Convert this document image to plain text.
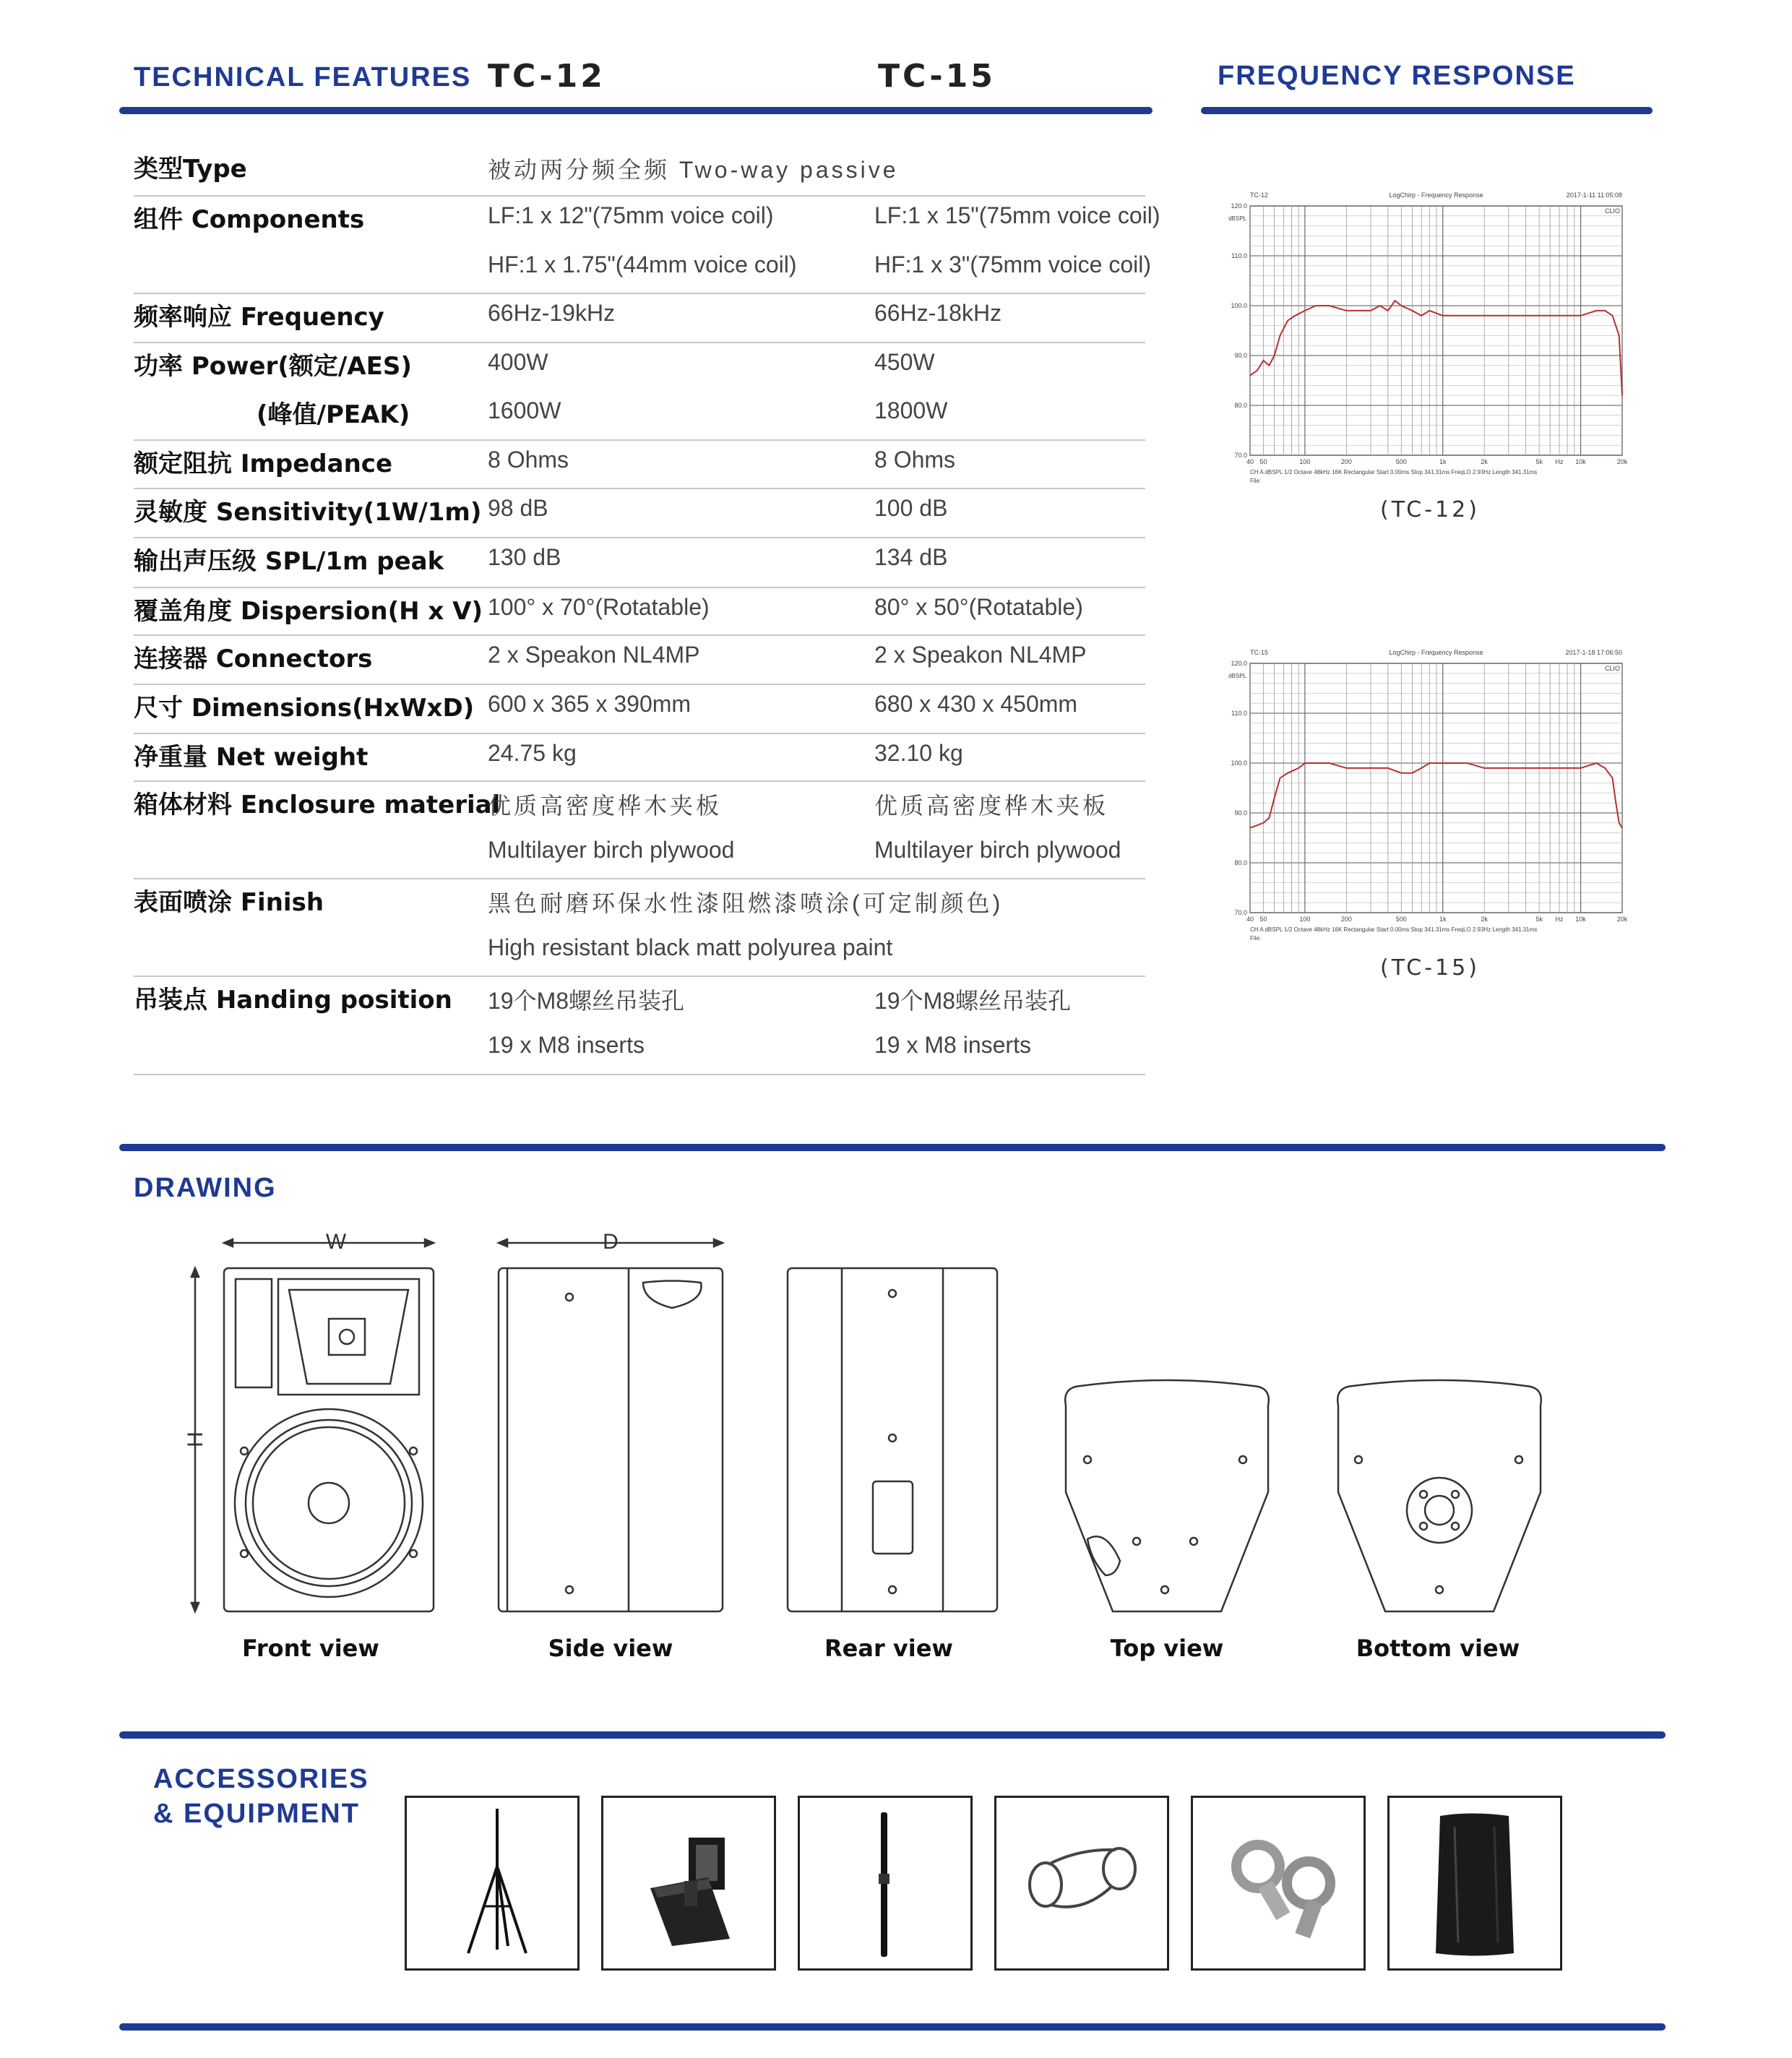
TECHNICAL FEATURES TC-12	TC-15	FREQUENCY RESPONSE
类型Type	被动两分频全频 Two-way passive
组件 Components	LF:1 x 12"(75mm voice coil)	LF:1 x 15"(75mm voice coil)
HF:1 x 1.75"(44mm voice coil)	HF:1 x 3"(75mm voice coil)
频率响应 Frequency	66Hz-19kHz	66Hz-18kHz
功率 Power(额定/AES)	400W	450W
(峰值/PEAK)	1600W	1800W
额定阻抗 Impedance	8 Ohms	8 Ohms
灵敏度 Sensitivity(1W/1m) 98 dB	100 dB
输出声压级 SPL/1m peak 130 dB	134 dB
覆盖角度 Dispersion(H x V) 100° x 70°(Rotatable)	80° x 50°(Rotatable)
连接器 Connectors	2 x Speakon NL4MP	2 x Speakon NL4MP
尺寸 Dimensions(HxWxD) 600 x 365 x 390mm	680 x 430 x 450mm
净重量 Net weight	24.75 kg	32.10 kg
箱体材料 Enclosure material
优质高密度桦木夹板	优质高密度桦木夹板
Multilayer birch plywood	Multilayer birch plywood
表面喷涂 Finish	黑色耐磨环保水性漆阻燃漆喷涂(可定制颜色)
High resistant black matt polyurea paint
吊装点 Handing position 19个M8螺丝吊装孔	19个M8螺丝吊装孔
19 x M8 inserts	19 x M8 inserts
TC-12	LogChirp - Frequency Response	2017-1-11 11:05:08
CLIO
dBSPL
120.0
110.0
100.0
90.0
80.0
70.0
40 50	100	200	500	1k	2k	5k Hz 10k	20k
CH A dBSPL 1/2 Octave 48kHz 16K Rectangular Start 0.00ms Stop 341.31ms FreqLO 2.93Hz Length 341.31ms
File:
(TC-12)
TC-15	LogChirp - Frequency Response	2017-1-18 17:06:50
CLIO
dBSPL
120.0
110.0
100.0
90.0
80.0
70.0
40 50	100	200	500	1k	2k	5k Hz 10k	20k
CH A dBSPL 1/2 Octave 48kHz 16K Rectangular Start 0.00ms Stop 341.31ms FreqLO 2.93Hz Length 341.31ms
File:
(TC-15)
DRAWING
W	D
H
Front view	Side view	Rear view	Top view	Bottom view
ACCESSORIES
& EQUIPMENT
